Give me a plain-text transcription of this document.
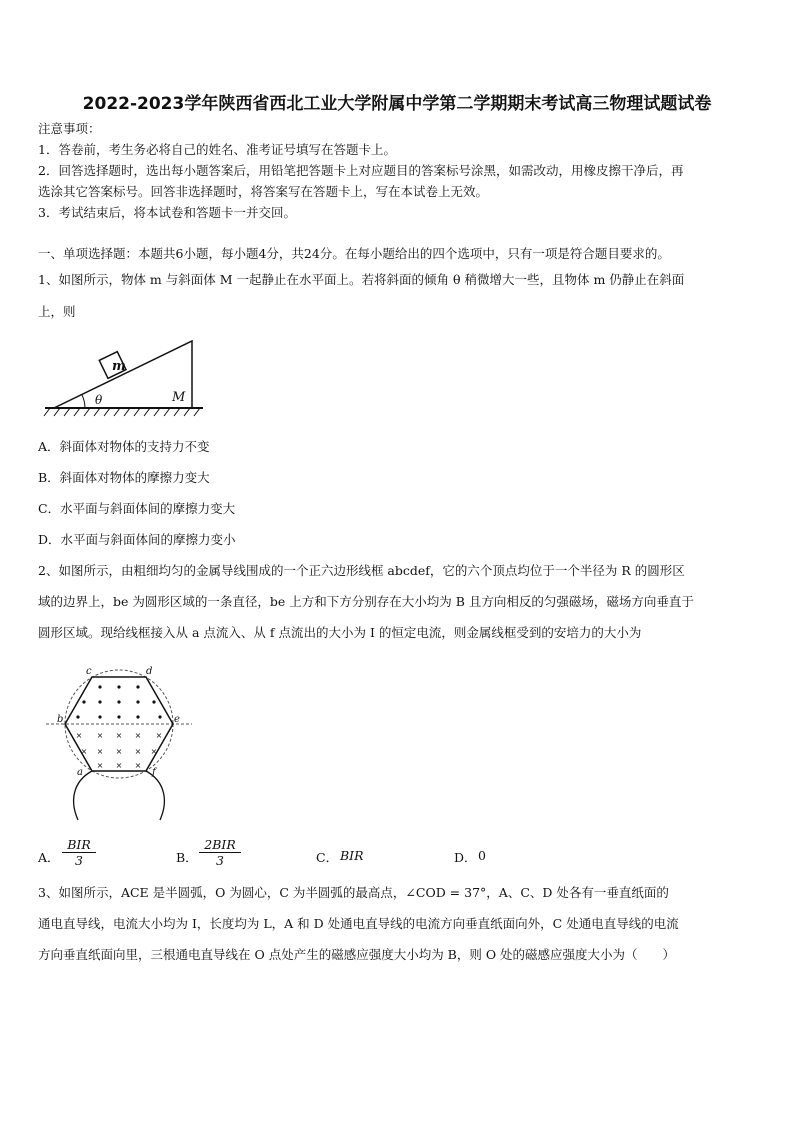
2022-2023学年陕西省西北工业大学附属中学第二学期期末考试高三物理试题试卷
注意事项：
1．答卷前，考生务必将自己的姓名、准考证号填写在答题卡上。
2．回答选择题时，选出每小题答案后，用铅笔把答题卡上对应题目的答案标号涂黑，如需改动，用橡皮擦干净后，再
选涂其它答案标号。回答非选择题时，将答案写在答题卡上，写在本试卷上无效。
3．考试结束后，将本试卷和答题卡一并交回。
一、单项选择题：本题共6小题，每小题4分，共24分。在每小题给出的四个选项中，只有一项是符合题目要求的。
1、如图所示，物体 m 与斜面体 M 一起静止在水平面上。若将斜面的倾角 θ 稍微增大一些，且物体 m 仍静止在斜面
上，则
m
θ	M
A．斜面体对物体的支持力不变
B．斜面体对物体的摩擦力变大
C．水平面与斜面体间的摩擦力变大
D．水平面与斜面体间的摩擦力变小
2、如图所示，由粗细均匀的金属导线围成的一个正六边形线框 abcdef，它的六个顶点均位于一个半径为 R 的圆形区
域的边界上，be 为圆形区域的一条直径，be 上方和下方分别存在大小均为 B 且方向相反的匀强磁场，磁场方向垂直于
圆形区域。现给线框接入从 a 点流入、从 f 点流出的大小为 I 的恒定电流，则金属线框受到的安培力的大小为
× × × × ×
× × × × ×
× × ×
c	d
b	e
a	f
A．
BIR
3	B．
2BIR
3	C． BIR	D． 0
3、如图所示，ACE 是半圆弧，O 为圆心，C 为半圆弧的最高点，∠COD = 37°，A、C、D 处各有一垂直纸面的
通电直导线，电流大小均为 I，长度均为 L，A 和 D 处通电直导线的电流方向垂直纸面向外，C 处通电直导线的电流
方向垂直纸面向里，三根通电直导线在 O 点处产生的磁感应强度大小均为 B，则 O 处的磁感应强度大小为（　　）
